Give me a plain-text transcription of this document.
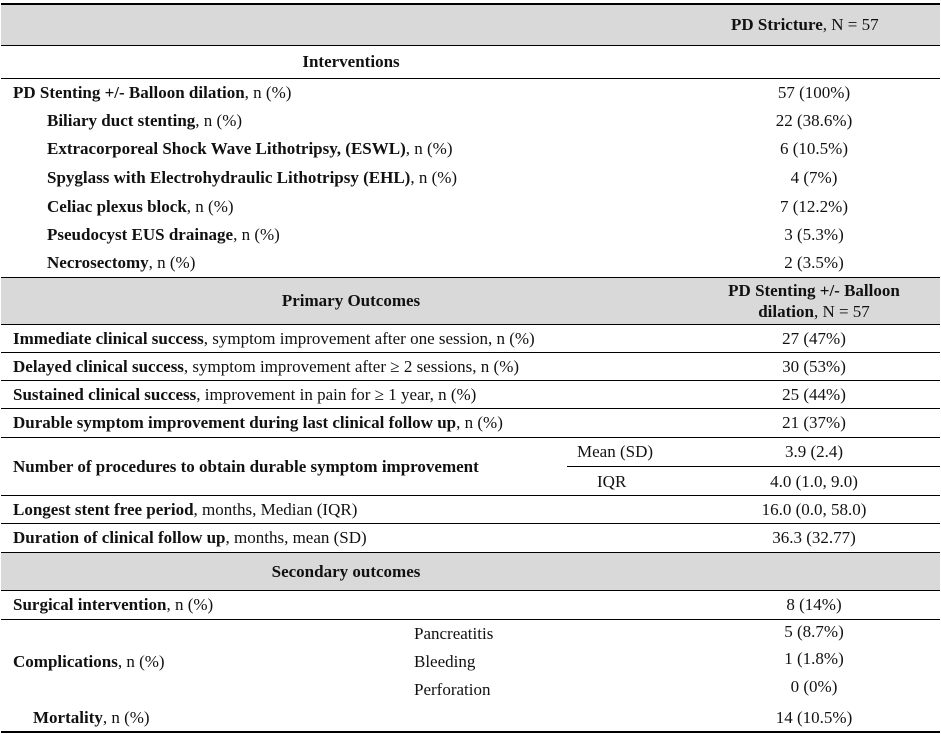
PD Stricture , N = 57
Interventions
PD Stenting +/- Balloon dilation , n (%)	57 (100%)
Biliary duct stenting , n (%)	22 (38.6%)
Extracorporeal Shock Wave Lithotripsy, (ESWL) , n (%)	6 (10.5%)
Spyglass with Electrohydraulic Lithotripsy (EHL) , n (%)	4 (7%)
Celiac plexus block , n (%)	7 (12.2%)
Pseudocyst EUS drainage , n (%)	3 (5.3%)
Necrosectomy , n (%)	2 (3.5%)
Primary Outcomes
PD Stenting +/- Balloon
dilation, N = 57
Immediate clinical success , symptom improvement after one session, n (%)	27 (47%)
Delayed clinical success , symptom improvement after ≥ 2 sessions, n (%)	30 (53%)
Sustained clinical success , improvement in pain for ≥ 1 year, n (%)	25 (44%)
Durable symptom improvement during last clinical follow up , n (%)	21 (37%)
Number of procedures to obtain durable symptom improvement
Mean (SD)	3.9 (2.4)
IQR	4.0 (1.0, 9.0)
Longest stent free period , months, Median (IQR)	16.0 (0.0, 58.0)
Duration of clinical follow up , months, mean (SD)	36.3 (32.77)
Secondary outcomes
Surgical intervention , n (%)	8 (14%)
Complications , n (%)
Pancreatitis	5 (8.7%)
Bleeding	1 (1.8%)
Perforation	0 (0%)
Mortality , n (%)	14 (10.5%)
